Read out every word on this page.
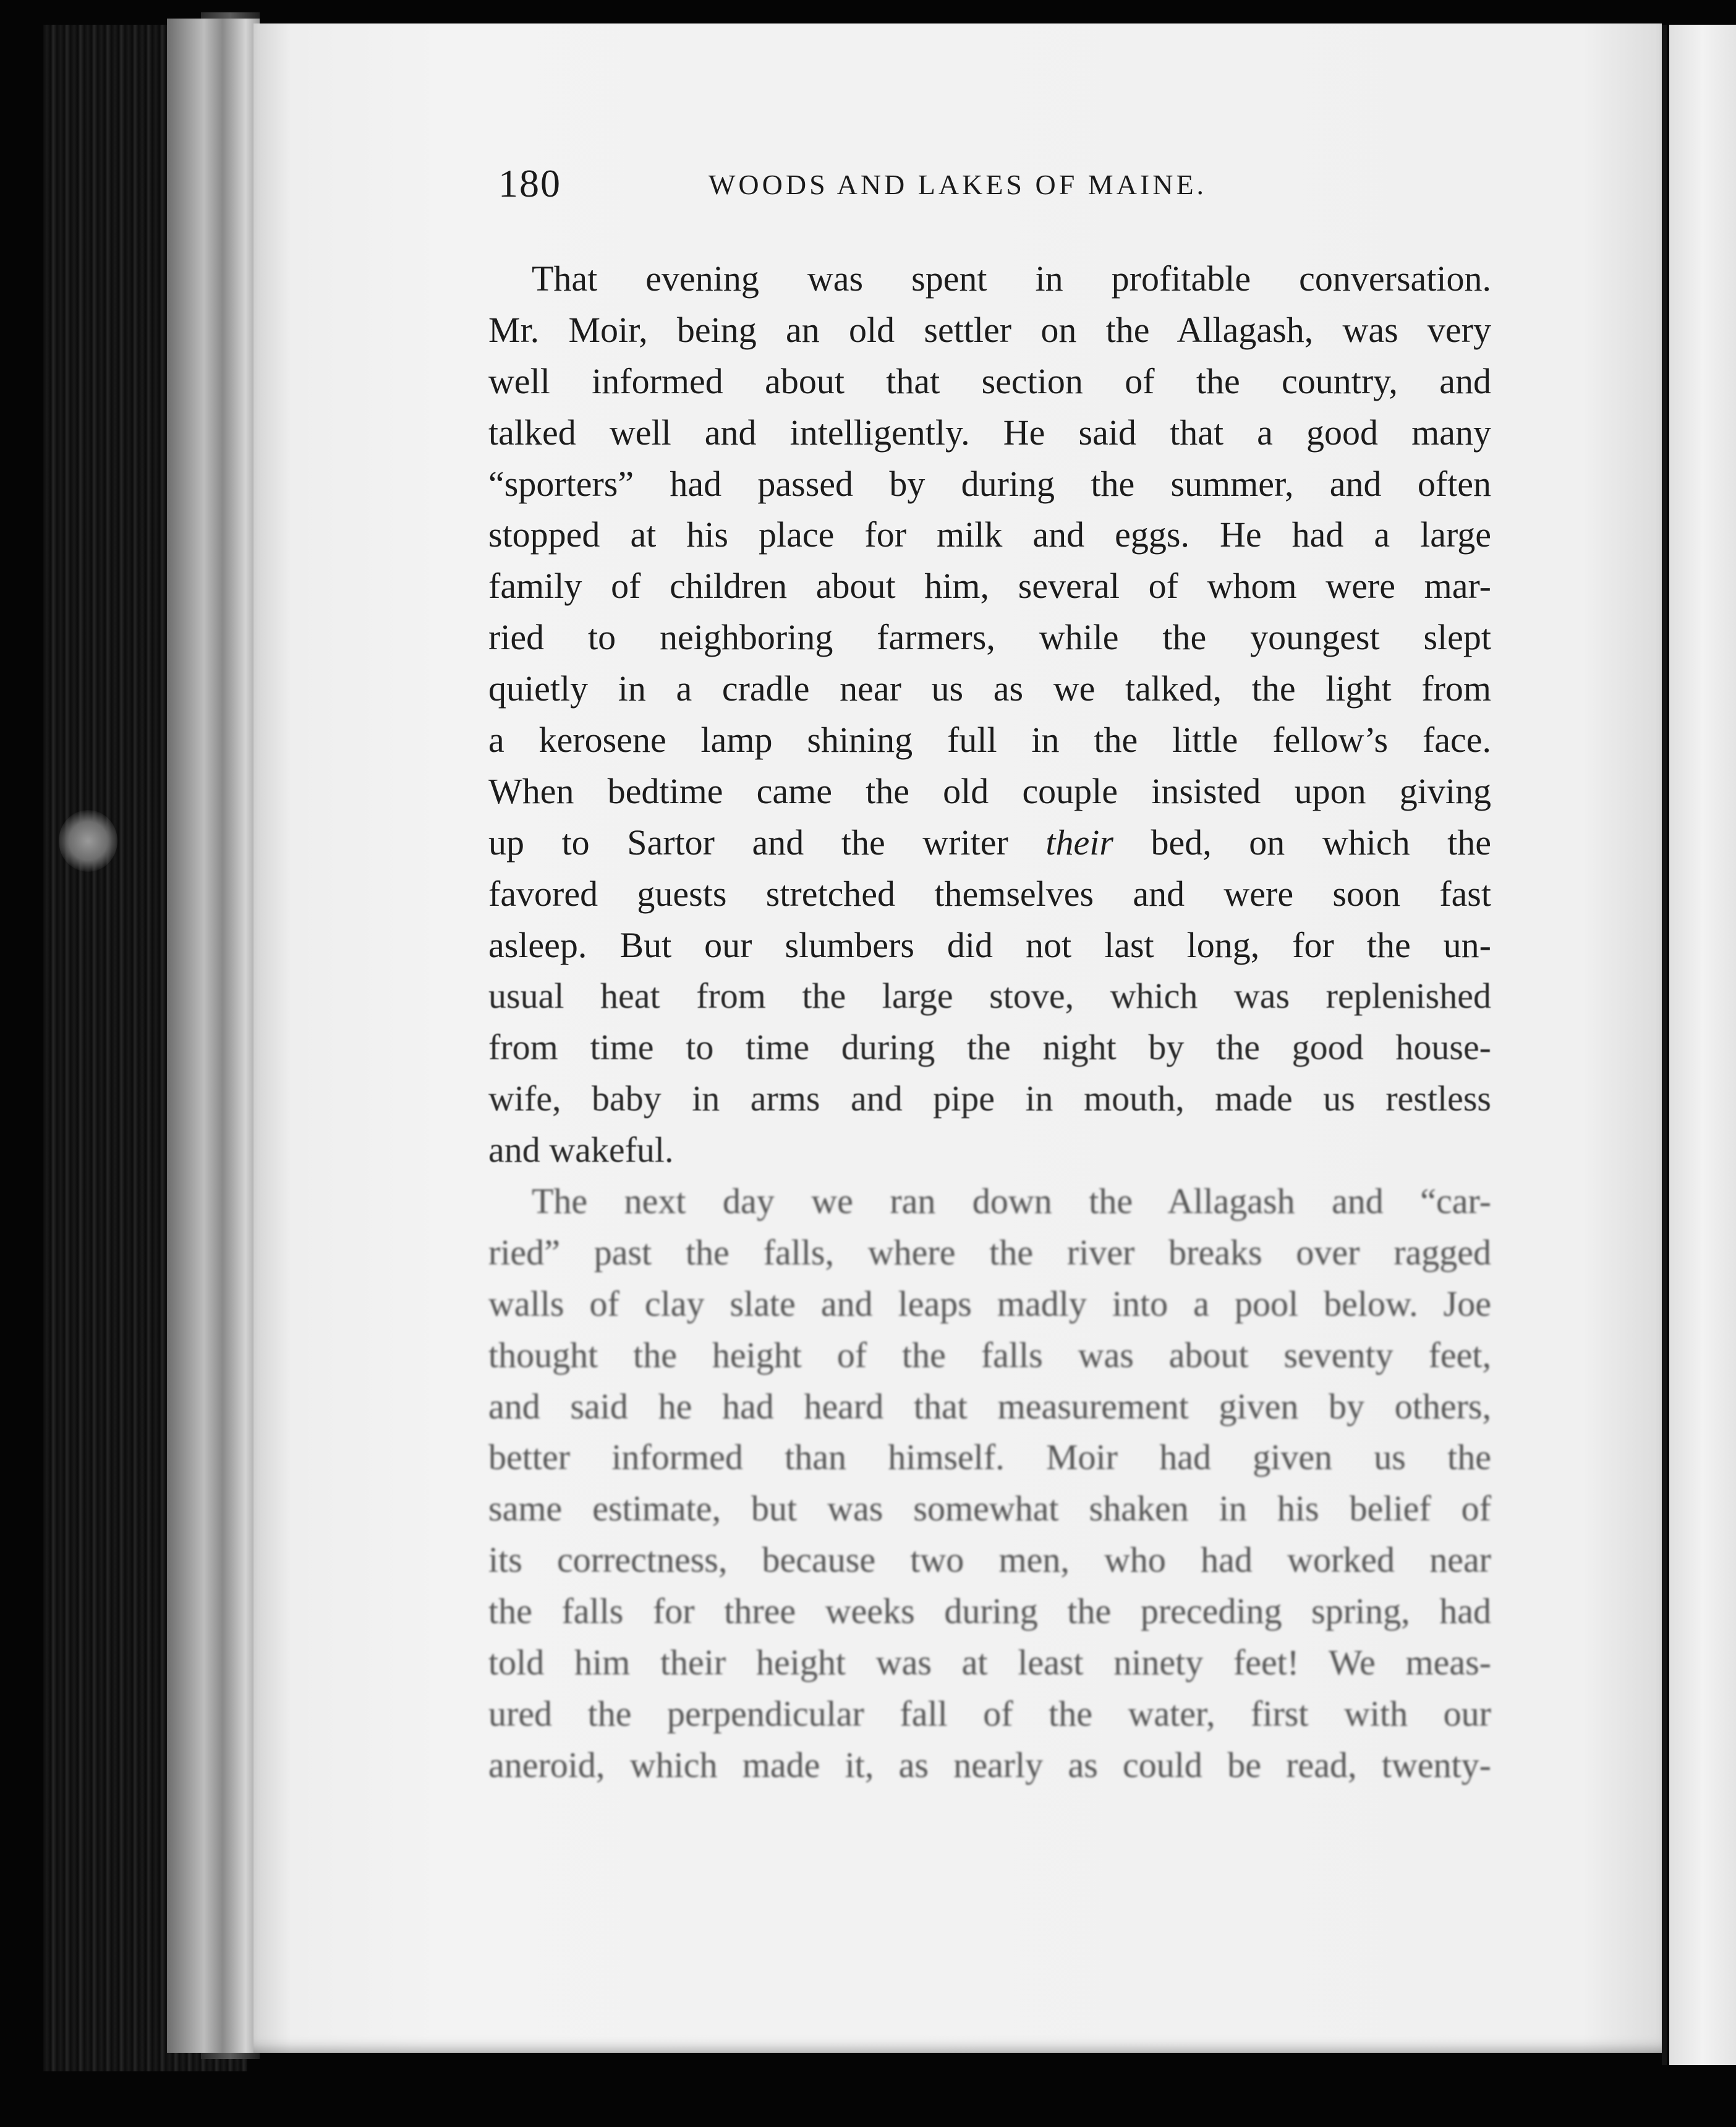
180	WOODS AND LAKES OF MAINE.
That evening was spent in profitable conversation.
Mr. Moir, being an old settler on the Allagash, was very
well informed about that section of the country, and
talked well and intelligently. He said that a good many
“sporters” had passed by during the summer, and often
stopped at his place for milk and eggs. He had a large
family of children about him, several of whom were mar-
ried to neighboring farmers, while the youngest slept
quietly in a cradle near us as we talked, the light from
a kerosene lamp shining full in the little fellow’s face.
When bedtime came the old couple insisted upon giving
up to Sartor and the writer their bed, on which the
favored guests stretched themselves and were soon fast
asleep. But our slumbers did not last long, for the un-
usual heat from the large stove, which was replenished
from time to time during the night by the good house-
wife, baby in arms and pipe in mouth, made us restless
and wakeful.
The next day we ran down the Allagash and “car-
ried” past the falls, where the river breaks over ragged
walls of clay slate and leaps madly into a pool below. Joe
thought the height of the falls was about seventy feet,
and said he had heard that measurement given by others,
better informed than himself. Moir had given us the
same estimate, but was somewhat shaken in his belief of
its correctness, because two men, who had worked near
the falls for three weeks during the preceding spring, had
told him their height was at least ninety feet! We meas-
ured the perpendicular fall of the water, first with our
aneroid, which made it, as nearly as could be read, twenty-
